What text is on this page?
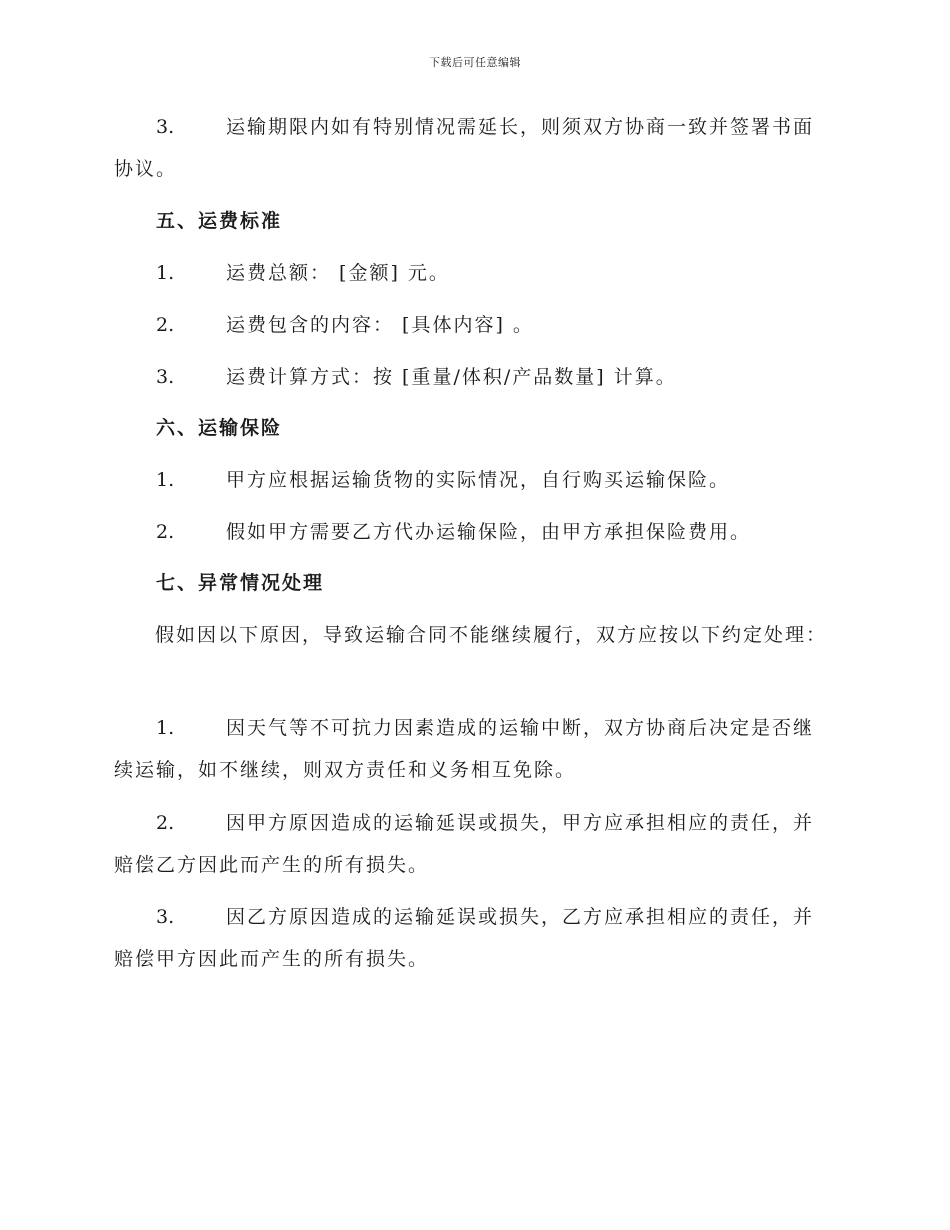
下载后可任意编辑

3.	运输期限内如有特别情况需延长，则须双方协商一致并签署书面协议。

五、运费标准

1.	运费总额： [金额] 元。

2.	运费包含的内容： [具体内容] 。

3.	运费计算方式：按 [重量/体积/产品数量] 计算。

六、运输保险

1.	甲方应根据运输货物的实际情况，自行购买运输保险。

2.	假如甲方需要乙方代办运输保险，由甲方承担保险费用。

七、异常情况处理

假如因以下原因，导致运输合同不能继续履行，双方应按以下约定处理：

1.	因天气等不可抗力因素造成的运输中断，双方协商后决定是否继续运输，如不继续，则双方责任和义务相互免除。

2.	因甲方原因造成的运输延误或损失，甲方应承担相应的责任，并赔偿乙方因此而产生的所有损失。

3.	因乙方原因造成的运输延误或损失，乙方应承担相应的责任，并赔偿甲方因此而产生的所有损失。
